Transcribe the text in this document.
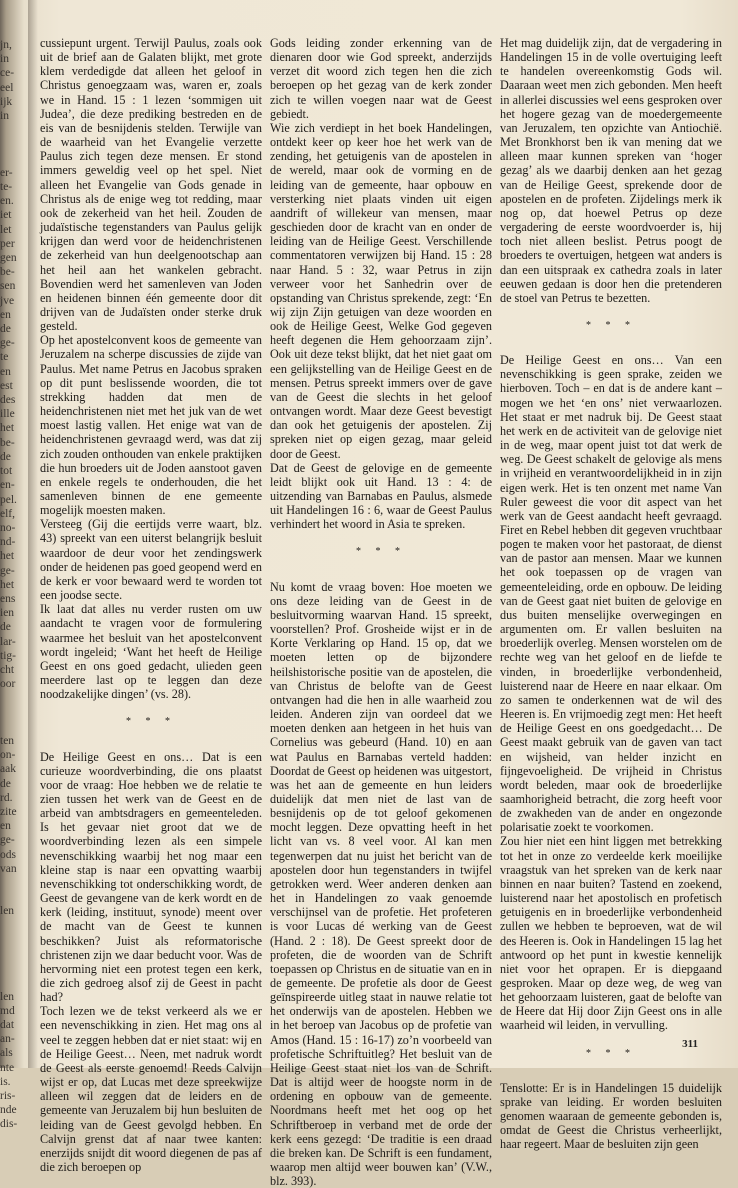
jn,
in
ce-
eel
ijk
in

er-
te-
en.
iet
let
per
gen
be-
sen
jve
en
de
ge-
te
en
est
des
ille
het
be-
de
tot
en-
pel.
elf,
no-
nd-
het
ge-
het
ens
ien
de
lar-
tig-
cht
oor

ten
on-
aak
de
rd.
zite
en
ge-
ods
van

len

len
md
dat
an-
als
nte
is.
ris-
nde
dis-

cussiepunt urgent. Terwijl Paulus, zoals ook uit de brief aan de Galaten blijkt, met grote klem verdedigde dat alleen het geloof in Christus genoegzaam was, waren er, zoals we in Hand. 15 : 1 lezen ‘sommigen uit Judea’, die deze prediking bestreden en de eis van de besnijdenis stelden. Terwijle van de waarheid van het Evangelie verzette Paulus zich tegen deze mensen. Er stond immers geweldig veel op het spel. Niet alleen het Evangelie van Gods genade in Christus als de enige weg tot redding, maar ook de zekerheid van het heil. Zouden de judaïstische tegenstanders van Paulus gelijk krijgen dan werd voor de heidenchristenen de zekerheid van hun deelgenootschap aan het heil aan het wankelen gebracht. Bovendien werd het samenleven van Joden en heidenen binnen één gemeente door dit drijven van de Judaïsten onder sterke druk gesteld.

Op het apostelconvent koos de gemeente van Jeruzalem na scherpe discussies de zijde van Paulus. Met name Petrus en Jacobus spraken op dit punt beslissende woorden, die tot strekking hadden dat men de heidenchristenen niet met het juk van de wet moest lastig vallen. Het enige wat van de heidenchristenen gevraagd werd, was dat zij zich zouden onthouden van enkele praktijken die hun broeders uit de Joden aanstoot gaven en enkele regels te onderhouden, die het samenleven binnen de ene gemeente mogelijk moesten maken.

Versteeg (Gij die eertijds verre waart, blz. 43) spreekt van een uiterst belangrijk besluit waardoor de deur voor het zendingswerk onder de heidenen pas goed geopend werd en de kerk er voor bewaard werd te worden tot een joodse secte.

Ik laat dat alles nu verder rusten om uw aandacht te vragen voor de formulering waarmee het besluit van het apostelconvent wordt ingeleid; ‘Want het heeft de Heilige Geest en ons goed gedacht, ulieden geen meerdere last op te leggen dan deze noodzakelijke dingen’ (vs. 28).

* * *

De Heilige Geest en ons… Dat is een curieuze woordverbinding, die ons plaatst voor de vraag: Hoe hebben we de relatie te zien tussen het werk van de Geest en de arbeid van ambtsdragers en gemeenteleden. Is het gevaar niet groot dat we de woordverbinding lezen als een simpele nevenschikking waarbij het nog maar een kleine stap is naar een opvatting waarbij nevenschikking tot onderschikking wordt, de Geest de gevangene van de kerk wordt en de kerk (leiding, instituut, synode) meent over de macht van de Geest te kunnen beschikken? Juist als reformatorische christenen zijn we daar beducht voor. Was de hervorming niet een protest tegen een kerk, die zich gedroeg alsof zij de Geest in pacht had?

Toch lezen we de tekst verkeerd als we er een nevenschikking in zien. Het mag ons al veel te zeggen hebben dat er niet staat: wij en de Heilige Geest… Neen, met nadruk wordt de Geest als eerste genoemd! Reeds Calvijn wijst er op, dat Lucas met deze spreekwijze alleen wil zeggen dat de leiders en de gemeente van Jeruzalem bij hun besluiten de leiding van de Geest gevolgd hebben. En Calvijn grenst dat af naar twee kanten: enerzijds snijdt dit woord diegenen de pas af die zich beroepen op

Gods leiding zonder erkenning van de dienaren door wie God spreekt, anderzijds verzet dit woord zich tegen hen die zich beroepen op het gezag van de kerk zonder zich te willen voegen naar wat de Geest gebiedt.

Wie zich verdiept in het boek Handelingen, ontdekt keer op keer hoe het werk van de zending, het getuigenis van de apostelen in de wereld, maar ook de vorming en de leiding van de gemeente, haar opbouw en versterking niet plaats vinden uit eigen aandrift of willekeur van mensen, maar geschieden door de kracht van en onder de leiding van de Heilige Geest. Verschillende commentatoren verwijzen bij Hand. 15 : 28 naar Hand. 5 : 32, waar Petrus in zijn verweer voor het Sanhedrin over de opstanding van Christus sprekende, zegt: ‘En wij zijn Zijn getuigen van deze woorden en ook de Heilige Geest, Welke God gegeven heeft degenen die Hem gehoorzaam zijn’. Ook uit deze tekst blijkt, dat het niet gaat om een gelijkstelling van de Heilige Geest en de mensen. Petrus spreekt immers over de gave van de Geest die slechts in het geloof ontvangen wordt. Maar deze Geest bevestigt dan ook het getuigenis der apostelen. Zij spreken niet op eigen gezag, maar geleid door de Geest.

Dat de Geest de gelovige en de gemeente leidt blijkt ook uit Hand. 13 : 4: de uitzending van Barnabas en Paulus, alsmede uit Handelingen 16 : 6, waar de Geest Paulus verhindert het woord in Asia te spreken.

* * *

Nu komt de vraag boven: Hoe moeten we ons deze leiding van de Geest in de besluitvorming waarvan Hand. 15 spreekt, voorstellen? Prof. Grosheide wijst er in de Korte Verklaring op Hand. 15 op, dat we moeten letten op de bijzondere heilshistorische positie van de apostelen, die van Christus de belofte van de Geest ontvangen had die hen in alle waarheid zou leiden. Anderen zijn van oordeel dat we moeten denken aan hetgeen in het huis van Cornelius was gebeurd (Hand. 10) en aan wat Paulus en Barnabas verteld hadden: Doordat de Geest op heidenen was uitgestort, was het aan de gemeente en hun leiders duidelijk dat men niet de last van de besnijdenis op de tot geloof gekomenen mocht leggen. Deze opvatting heeft in het licht van vs. 8 veel voor. Al kan men tegenwerpen dat nu juist het bericht van de apostelen door hun tegenstanders in twijfel getrokken werd. Weer anderen denken aan het in Handelingen zo vaak genoemde verschijnsel van de profetie. Het profeteren is voor Lucas dé werking van de Geest (Hand. 2 : 18). De Geest spreekt door de profeten, die de woorden van de Schrift toepassen op Christus en de situatie van en in de gemeente. De profetie als door de Geest geïnspireerde uitleg staat in nauwe relatie tot het onderwijs van de apostelen. Hebben we in het beroep van Jacobus op de profetie van Amos (Hand. 15 : 16-17) zo’n voorbeeld van profetische Schriftuitleg? Het besluit van de Heilige Geest staat niet los van de Schrift. Dat is altijd weer de hoogste norm in de ordening en opbouw van de gemeente. Noordmans heeft met het oog op het Schriftberoep in verband met de orde der kerk eens gezegd: ‘De traditie is een draad die breken kan. De Schrift is een fundament, waarop men altijd weer bouwen kan’ (V.W., blz. 393).

Het mag duidelijk zijn, dat de vergadering in Handelingen 15 in de volle overtuiging leeft te handelen overeenkomstig Gods wil. Daaraan weet men zich gebonden. Men heeft in allerlei discussies wel eens gesproken over het hogere gezag van de moedergemeente van Jeruzalem, ten opzichte van Antiochië. Met Bronkhorst ben ik van mening dat we alleen maar kunnen spreken van ‘hoger gezag’ als we daarbij denken aan het gezag van de Heilige Geest, sprekende door de apostelen en de profeten. Zijdelings merk ik nog op, dat hoewel Petrus op deze vergadering de eerste woordvoerder is, hij toch niet alleen beslist. Petrus poogt de broeders te overtuigen, hetgeen wat anders is dan een uitspraak ex cathedra zoals in later eeuwen gedaan is door hen die pretenderen de stoel van Petrus te bezetten.

* * *

De Heilige Geest en ons… Van een nevenschikking is geen sprake, zeiden we hierboven. Toch – en dat is de andere kant – mogen we het ‘en ons’ niet verwaarlozen. Het staat er met nadruk bij. De Geest staat het werk en de activiteit van de gelovige niet in de weg, maar opent juist tot dat werk de weg. De Geest schakelt de gelovige als mens in vrijheid en verantwoordelijkheid in in zijn eigen werk. Het is ten onzent met name Van Ruler geweest die voor dit aspect van het werk van de Geest aandacht heeft gevraagd. Firet en Rebel hebben dit gegeven vruchtbaar pogen te maken voor het pastoraat, de dienst van de pastor aan mensen. Maar we kunnen het ook toepassen op de vragen van gemeenteleiding, orde en opbouw. De leiding van de Geest gaat niet buiten de gelovige en dus buiten menselijke overwegingen en argumenten om. Er vallen besluiten na broederlijk overleg. Mensen worstelen om de rechte weg van het geloof en de liefde te vinden, in broederlijke verbondenheid, luisterend naar de Heere en naar elkaar. Om zo samen te onderkennen wat de wil des Heeren is. En vrijmoedig zegt men: Het heeft de Heilige Geest en ons goedgedacht… De Geest maakt gebruik van de gaven van tact en wijsheid, van helder inzicht en fijngevoeligheid. De vrijheid in Christus wordt beleden, maar ook de broederlijke saamhorigheid betracht, die zorg heeft voor de zwakheden van de ander en ongezonde polarisatie zoekt te voorkomen.

Zou hier niet een hint liggen met betrekking tot het in onze zo verdeelde kerk moeilijke vraagstuk van het spreken van de kerk naar binnen en naar buiten? Tastend en zoekend, luisterend naar het apostolisch en profetisch getuigenis en in broederlijke verbondenheid zullen we hebben te beproeven, wat de wil des Heeren is. Ook in Handelingen 15 lag het antwoord op het punt in kwestie kennelijk niet voor het oprapen. Er is diepgaand gesproken. Maar op deze weg, de weg van het gehoorzaam luisteren, gaat de belofte van de Heere dat Hij door Zijn Geest ons in alle waarheid wil leiden, in vervulling.

* * *

Tenslotte: Er is in Handelingen 15 duidelijk sprake van leiding. Er worden besluiten genomen waaraan de gemeente gebonden is, omdat de Geest die Christus verheerlijkt, haar regeert. Maar de besluiten zijn geen

311
